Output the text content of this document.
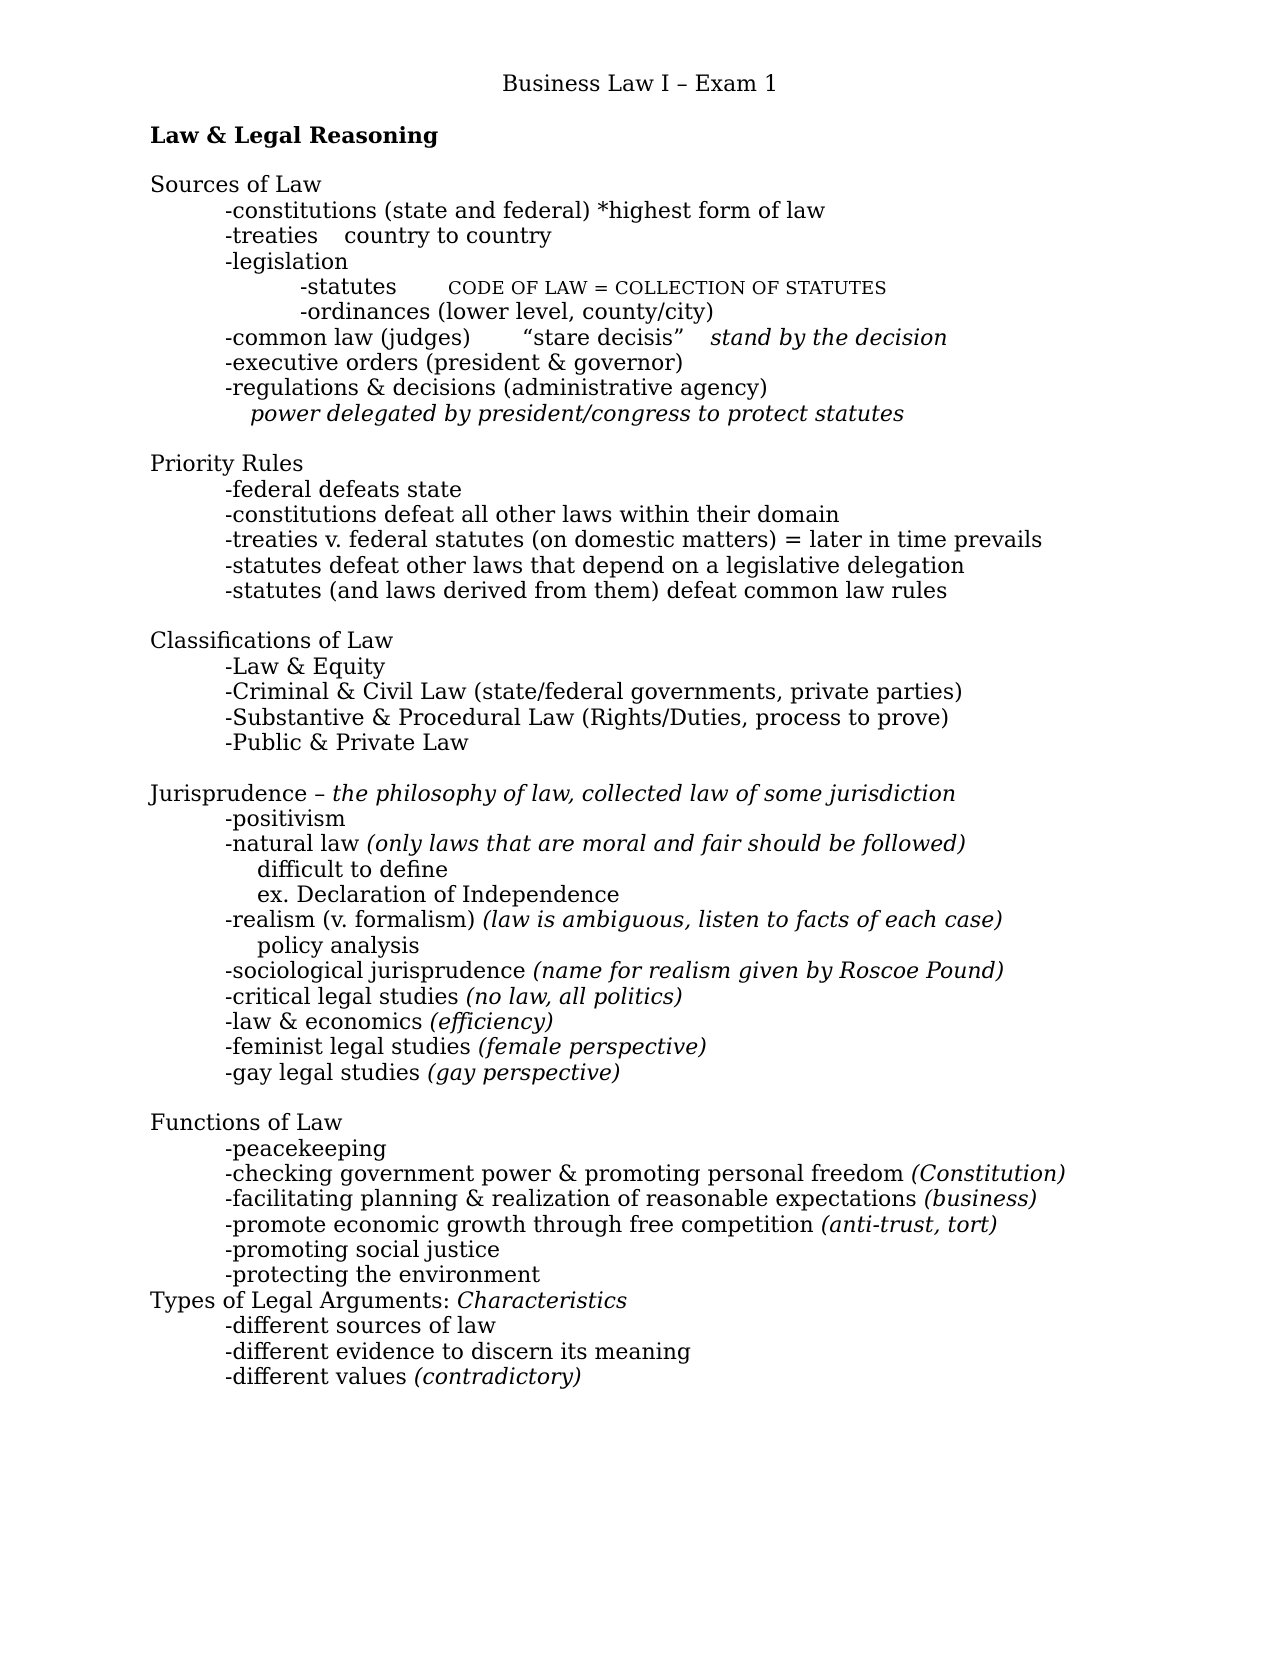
Business Law I – Exam 1
Law & Legal Reasoning
Sources of Law
-constitutions (state and federal) *highest form of law
-treaties  country to country
-legislation
-statutes	CODE OF LAW = COLLECTION OF STATUTES
-ordinances (lower level, county/city)
-common law (judges) “stare decisis”  stand by the decision
-executive orders (president & governor)
-regulations & decisions (administrative agency)
power delegated by president/congress to protect statutes
Priority Rules
-federal defeats state
-constitutions defeat all other laws within their domain
-treaties v. federal statutes (on domestic matters) = later in time prevails
-statutes defeat other laws that depend on a legislative delegation
-statutes (and laws derived from them) defeat common law rules
Classifications of Law
-Law & Equity
-Criminal & Civil Law (state/federal governments, private parties)
-Substantive & Procedural Law (Rights/Duties, process to prove)
-Public & Private Law
Jurisprudence – the philosophy of law, collected law of some jurisdiction
-positivism
-natural law (only laws that are moral and fair should be followed)
difficult to define
ex. Declaration of Independence
-realism (v. formalism) (law is ambiguous, listen to facts of each case)
policy analysis
-sociological jurisprudence (name for realism given by Roscoe Pound)
-critical legal studies (no law, all politics)
-law & economics (efficiency)
-feminist legal studies (female perspective)
-gay legal studies (gay perspective)
Functions of Law
-peacekeeping
-checking government power & promoting personal freedom (Constitution)
-facilitating planning & realization of reasonable expectations (business)
-promote economic growth through free competition (anti-trust, tort)
-promoting social justice
-protecting the environment
Types of Legal Arguments: Characteristics
-different sources of law
-different evidence to discern its meaning
-different values (contradictory)
